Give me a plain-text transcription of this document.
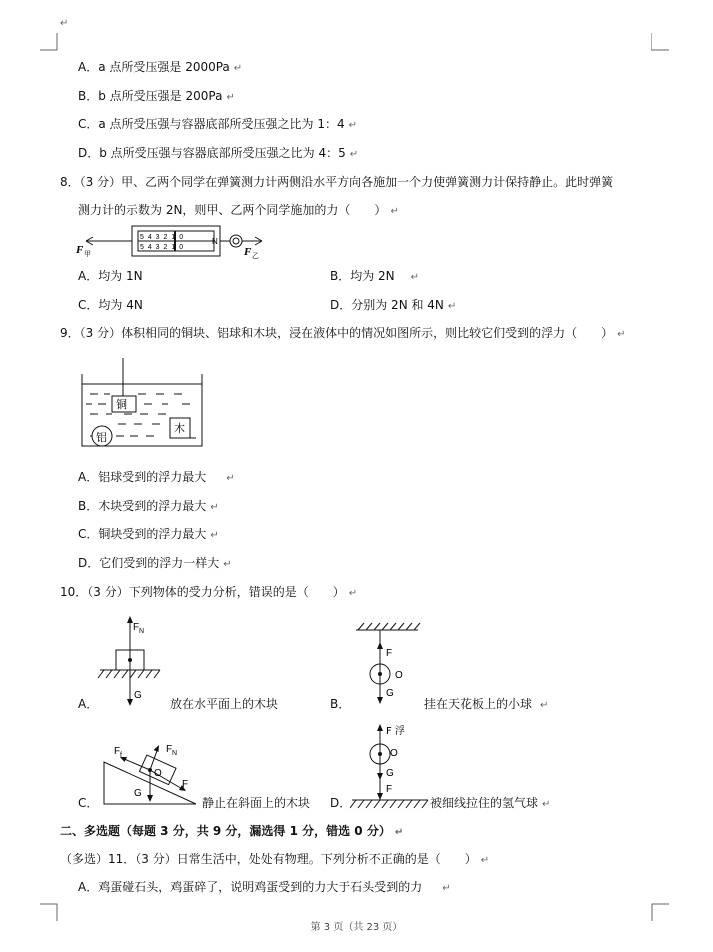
↵
A．a 点所受压强是 2000Pa ↵
B．b 点所受压强是 200Pa ↵
C．a 点所受压强与容器底部所受压强之比为 1：4 ↵
D．b 点所受压强与容器底部所受压强之比为 4：5 ↵
8．（3 分）甲、乙两个同学在弹簧测力计两侧沿水平方向各施加一个力使弹簧测力计保持静止。此时弹簧
测力计的示数为 2N，则甲、乙两个同学施加的力（　　） ↵
5 4 3 2 1 0
5 4 3 2 1 0
N
F 甲	F 乙
A．均为 1N	B．均为 2N ↵
C．均为 4N	D．分别为 2N 和 4N ↵
9．（3 分）体积相同的铜块、铝球和木块，浸在液体中的情况如图所示，则比较它们受到的浮力（　　） ↵
铜
铝
木
A．铝球受到的浮力最大 ↵
B．木块受到的浮力最大 ↵
C．铜块受到的浮力最大 ↵
D．它们受到的浮力一样大 ↵
10．（3 分）下列物体的受力分析，错误的是（　　） ↵
F N
G
A．	放在水平面上的木块
F
O
G
B．	挂在天花板上的小球 ↵
F f
F N
O
G
F
C．	静止在斜面上的木块
F 浮
O
G
F
D．	被细线拉住的氢气球 ↵
二、多选题（每题 3 分，共 9 分，漏选得 1 分，错选 0 分） ↵
（多选）11．（3 分）日常生活中，处处有物理。下列分析不正确的是（　　） ↵
A．鸡蛋碰石头，鸡蛋碎了，说明鸡蛋受到的力大于石头受到的力 ↵
第 3 页（共 23 页）
